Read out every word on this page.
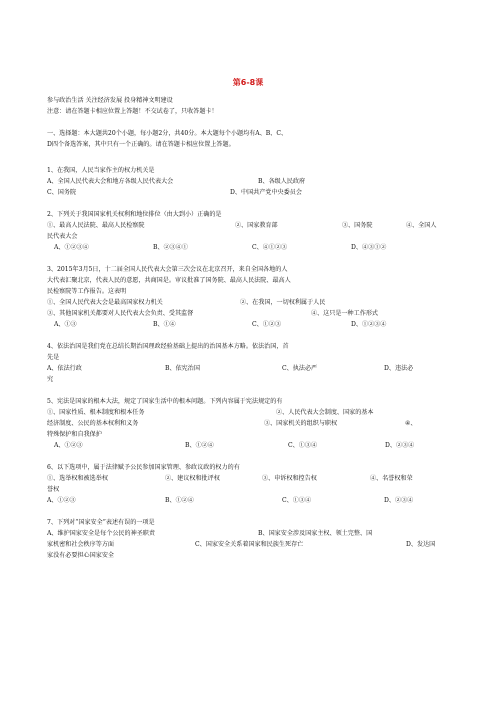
第6-8课

参与政治生活 关注经济发展 投身精神文明建设

注意：请在答题卡相应位置上答题！不交试卷了，只收答题卡！

一、选择题：本大题共20个小题，每小题2分，共40分。本大题每个小题均有A、B、C、

D四个备选答案，其中只有一个正确的。请在答题卡相应位置上答题。

1、在我国，人民当家作主的权力机关是

A、全国人民代表大会和地方各级人民代表大会	B、各级人民政府

C、国务院	D、中国共产党中央委员会

2、下列关于我国国家机关权利和地位排位（由大到小）正确的是

①、最高人民法院、最高人民检察院	②、国家教育部	③、国务院	④、全国人

民代表大会

A、①②③④	B、②③④①	C、④①②③	D、④③①②

3、2015年3月5日，十二届全国人民代表大会第三次会议在北京召开，来自全国各地的人

大代表汇聚北京，代表人民的意愿，共商国是。审议批准了国务院、最高人民法院、最高人

民检察院等工作报告。这表明

①、全国人民代表大会是最高国家权力机关	②、在我国，一切权利属于人民

③、其他国家机关都要对人民代表大会负责、受其监督	④、这只是一种工作形式

A、①③	B、①④	C、①②③	D、①②③④

4、依法治国是我们党在总结长期治国理政经验基础上提出的治国基本方略。依法治国，首

先是

A、依法行政	B、依宪治国	C、执法必严	D、违法必

究

5、宪法是国家的根本大法，规定了国家生活中的根本问题。下列内容属于宪法规定的有

①、国家性质、根本制度和根本任务	②、人民代表大会制度、国家的基本

经济制度、公民的基本权利和义务	③、国家机关的组织与职权	④、

特殊保护和自我保护

A、①②③	B、①②④	C、①③④	D、②③④

6、以下选项中，属于法律赋予公民参加国家管理、参政议政的权力的有

①、选举权和被选举权	②、建议权和批评权	③、申诉权和控告权	④、名誉权和荣

誉权

A、①②③	B、①②④	C、①③④	D、②③④

7、下列对“国家安全”表述有误的一项是

A、维护国家安全是每个公民的神圣职责	B、国家安全涉及国家主权、领土完整、国

家机密和社会秩序等方面	C、国家安全关系着国家和民族生死存亡	D、发达国

家没有必要担心国家安全
